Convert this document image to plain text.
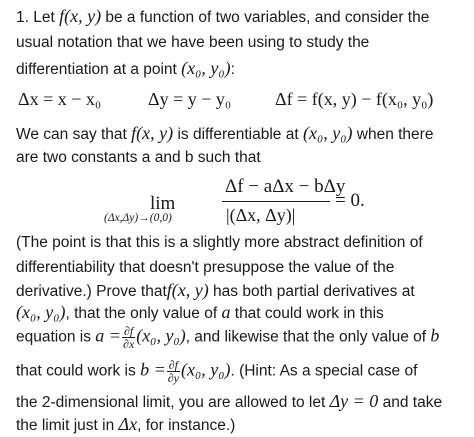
1. Let f(x, y) be a function of two variables, and consider the
usual notation that we have been using to study the
differentiation at a point (x₀, y₀):
Δx = x − x₀	Δy = y − y₀ Δf = f(x, y) − f(x₀, y₀)
We can say that f(x, y) is differentiable at (x₀, y₀) when there
are two constants a and b such that
lim
(Δx,Δy)→(0,0)
Δf − aΔx − bΔy
|(Δx, Δy)|
= 0.
(The point is that this is a slightly more abstract definition of
differentiability that doesn't presuppose the value of the
derivative.) Prove thatf(x, y) has both partial derivatives at
(x₀, y₀), that the only value of a that could work in this
equation is $a = \frac{\partial f}{\partial x} (x_0$, y₀), and likewise that the only value of b
that could work is $b = \frac{\partial f}{\partial y} (x_0$, y₀). (Hint: As a special case of
the 2-dimensional limit, you are allowed to let Δy = 0 and take
the limit just in Δx, for instance.)
